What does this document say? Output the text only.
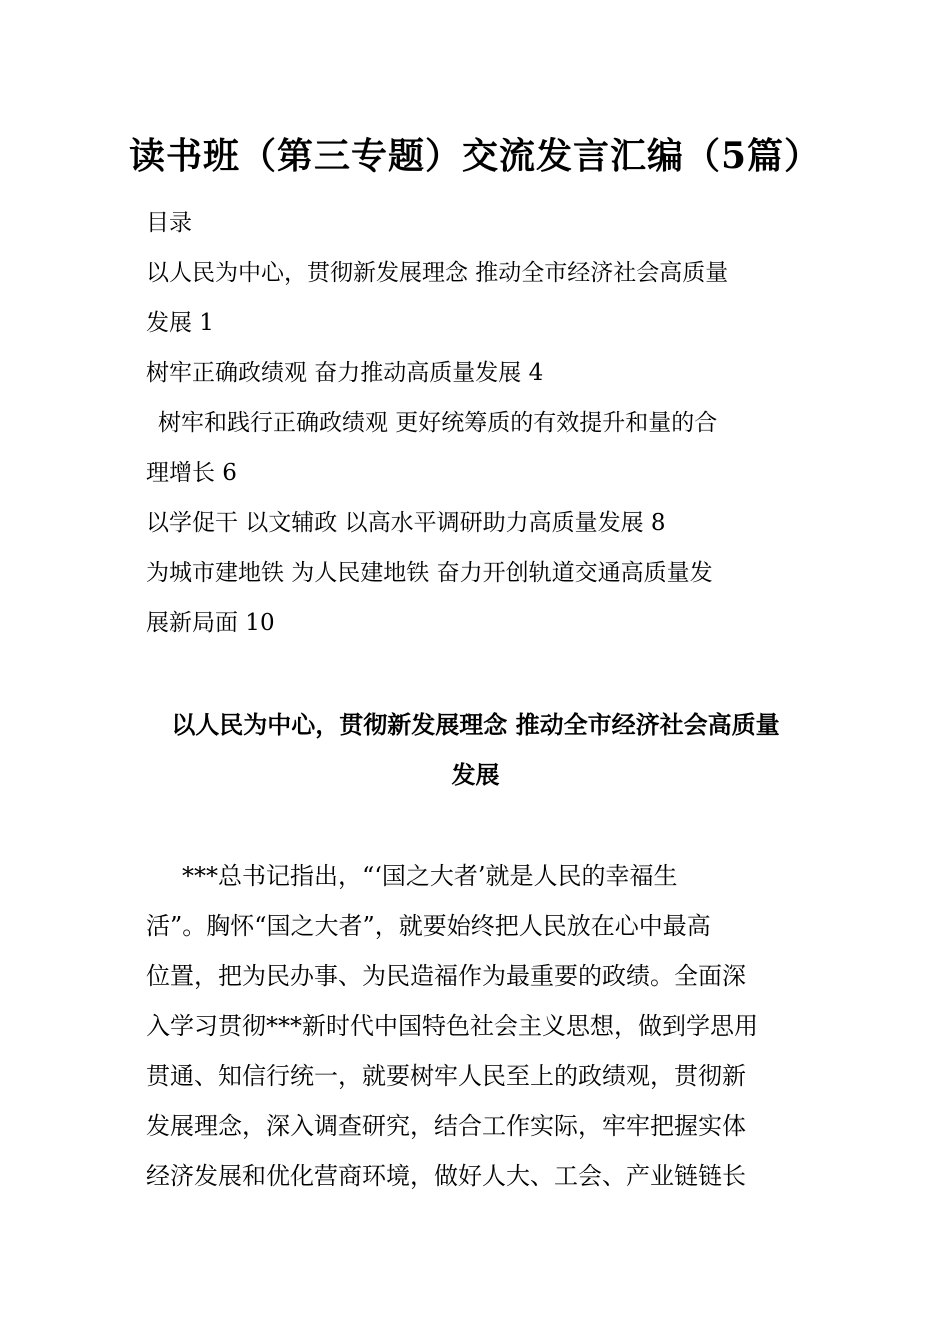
读书班（第三专题）交流发言汇编（5篇）
目录
以人民为中心，贯彻新发展理念 推动全市经济社会高质量
发展 1
树牢正确政绩观 奋力推动高质量发展 4
树牢和践行正确政绩观 更好统筹质的有效提升和量的合
理增长 6
以学促干 以文辅政 以高水平调研助力高质量发展 8
为城市建地铁 为人民建地铁 奋力开创轨道交通高质量发
展新局面 10
以人民为中心，贯彻新发展理念 推动全市经济社会高质量
发展
***总书记指出，“‘国之大者’就是人民的幸福生
活”。胸怀“国之大者”，就要始终把人民放在心中最高
位置，把为民办事、为民造福作为最重要的政绩。全面深
入学习贯彻***新时代中国特色社会主义思想，做到学思用
贯通、知信行统一，就要树牢人民至上的政绩观，贯彻新
发展理念，深入调查研究，结合工作实际，牢牢把握实体
经济发展和优化营商环境，做好人大、工会、产业链链长
